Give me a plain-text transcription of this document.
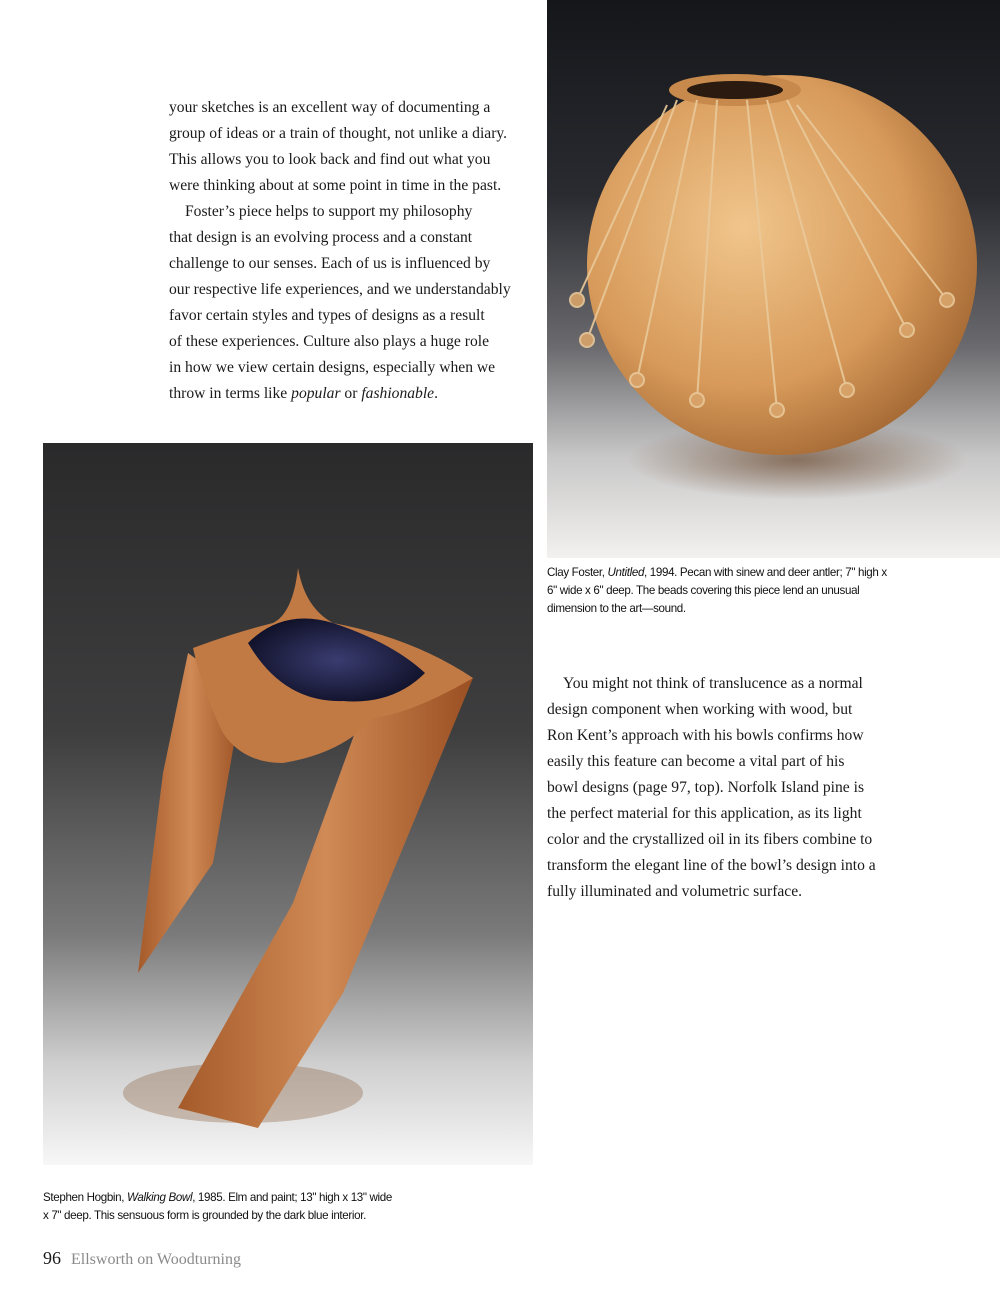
your sketches is an excellent way of documenting a
group of ideas or a train of thought, not unlike a diary.
This allows you to look back and find out what you
were thinking about at some point in time in the past.
Foster’s piece helps to support my philosophy
that design is an evolving process and a constant
challenge to our senses. Each of us is influenced by
our respective life experiences, and we understandably
favor certain styles and types of designs as a result
of these experiences. Culture also plays a huge role
in how we view certain designs, especially when we
throw in terms like popular or fashionable.
Clay Foster, Untitled, 1994. Pecan with sinew and deer antler; 7" high x
6" wide x 6" deep. The beads covering this piece lend an unusual
dimension to the art—sound.
Stephen Hogbin, Walking Bowl, 1985. Elm and paint; 13" high x 13" wide
x 7" deep. This sensuous form is grounded by the dark blue interior.
You might not think of translucence as a normal
design component when working with wood, but
Ron Kent’s approach with his bowls confirms how
easily this feature can become a vital part of his
bowl designs (page 97, top). Norfolk Island pine is
the perfect material for this application, as its light
color and the crystallized oil in its fibers combine to
transform the elegant line of the bowl’s design into a
fully illuminated and volumetric surface.
96 Ellsworth on Woodturning
